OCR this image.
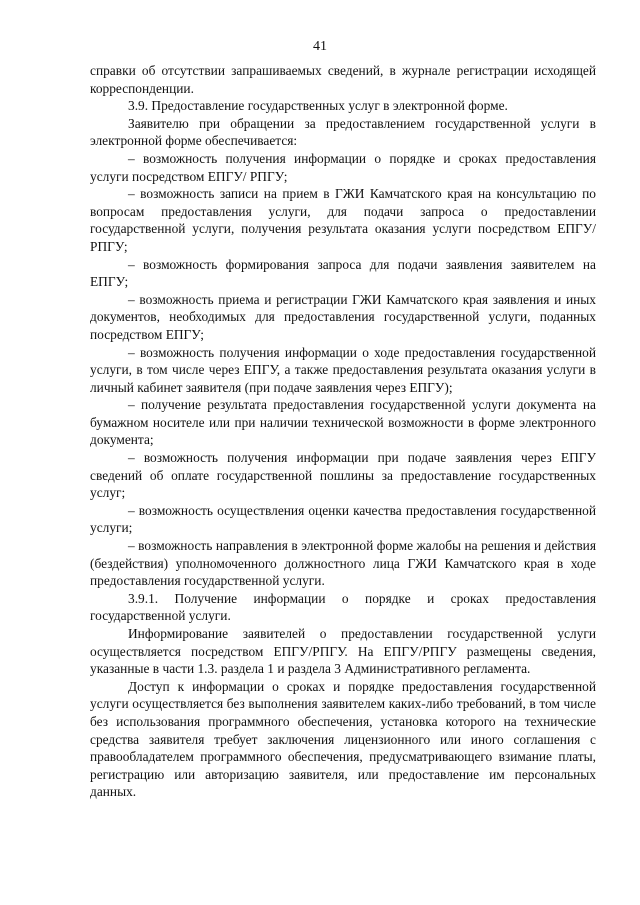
41

справки об отсутствии запрашиваемых сведений, в журнале регистрации исходящей корреспонденции.

3.9. Предоставление государственных услуг в электронной форме.

Заявителю при обращении за предоставлением государственной услуги в электронной форме обеспечивается:

– возможность получения информации о порядке и сроках предоставления услуги посредством ЕПГУ/ РПГУ;

– возможность записи на прием в ГЖИ Камчатского края на консультацию по вопросам предоставления услуги, для подачи запроса о предоставлении государственной услуги, получения результата оказания услуги посредством ЕПГУ/РПГУ;

– возможность формирования запроса для подачи заявления заявителем на ЕПГУ;

– возможность приема и регистрации ГЖИ Камчатского края заявления и иных документов, необходимых для предоставления государственной услуги, поданных посредством ЕПГУ;

– возможность получения информации о ходе предоставления государственной услуги, в том числе через ЕПГУ, а также предоставления результата оказания услуги в личный кабинет заявителя (при подаче заявления через ЕПГУ);

– получение результата предоставления государственной услуги документа на бумажном носителе или при наличии технической возможности в форме электронного документа;

– возможность получения информации при подаче заявления через ЕПГУ сведений об оплате государственной пошлины за предоставление государственных услуг;

– возможность осуществления оценки качества предоставления государственной услуги;

– возможность направления в электронной форме жалобы на решения и действия (бездействия) уполномоченного должностного лица ГЖИ Камчатского края в ходе предоставления государственной услуги.

3.9.1. Получение информации о порядке и сроках предоставления государственной услуги.

Информирование заявителей о предоставлении государственной услуги осуществляется посредством ЕПГУ/РПГУ. На ЕПГУ/РПГУ размещены сведения, указанные в части 1.3. раздела 1 и раздела 3 Административного регламента.

Доступ к информации о сроках и порядке предоставления государственной услуги осуществляется без выполнения заявителем каких-либо требований, в том числе без использования программного обеспечения, установка которого на технические средства заявителя требует заключения лицензионного или иного соглашения с правообладателем программного обеспечения, предусматривающего взимание платы, регистрацию или авторизацию заявителя, или предоставление им персональных данных.
